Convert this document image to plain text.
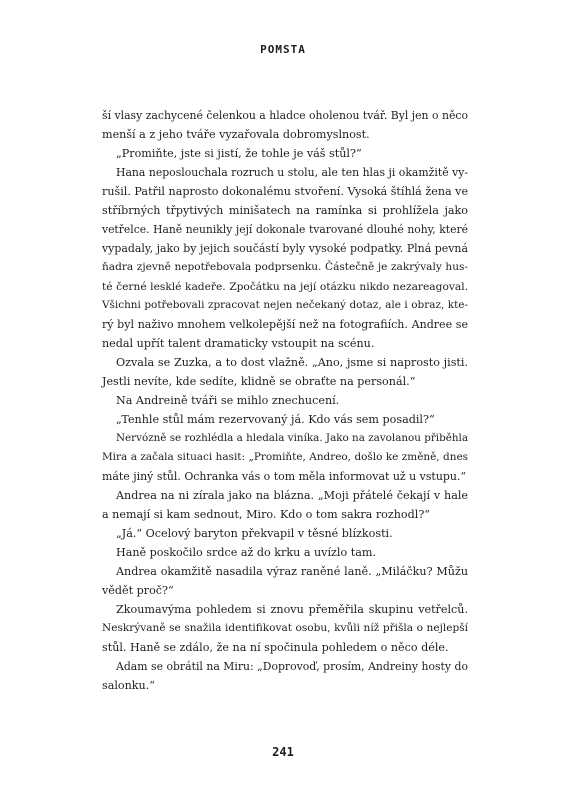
POMSTA
ší vlasy zachycené čelenkou a hladce oholenou tvář. Byl jen o něco
menší a z jeho tváře vyzařovala dobromyslnost.
„Promiňte, jste si jistí, že tohle je váš stůl?“
Hana neposlouchala rozruch u stolu, ale ten hlas ji okamžitě vy-
rušil. Patřil naprosto dokonalému stvoření. Vysoká štíhlá žena ve
stříbrných třpytivých minišatech na ramínka si prohlížela jako
vetřelce. Haně neunikly její dokonale tvarované dlouhé nohy, které
vypadaly, jako by jejich součástí byly vysoké podpatky. Plná pevná
ňadra zjevně nepotřebovala podprsenku. Částečně je zakrývaly hus-
té černé lesklé kadeře. Zpočátku na její otázku nikdo nezareagoval.
Všichni potřebovali zpracovat nejen nečekaný dotaz, ale i obraz, kte-
rý byl naživo mnohem velkolepější než na fotografiích. Andree se
nedal upřít talent dramaticky vstoupit na scénu.
Ozvala se Zuzka, a to dost vlažně. „Ano, jsme si naprosto jisti.
Jestli nevíte, kde sedíte, klidně se obraťte na personál.“
Na Andreině tváři se mihlo znechucení.
„Tenhle stůl mám rezervovaný já. Kdo vás sem posadil?“
Nervózně se rozhlédla a hledala viníka. Jako na zavolanou přiběhla
Mira a začala situaci hasit: „Promiňte, Andreo, došlo ke změně, dnes
máte jiný stůl. Ochranka vás o tom měla informovat už u vstupu.“
Andrea na ni zírala jako na blázna. „Moji přátelé čekají v hale
a nemají si kam sednout, Miro. Kdo o tom sakra rozhodl?“
„Já.“ Ocelový baryton překvapil v těsné blízkosti.
Haně poskočilo srdce až do krku a uvízlo tam.
Andrea okamžitě nasadila výraz raněné laně. „Miláčku? Můžu
vědět proč?“
Zkoumavýma pohledem si znovu přeměřila skupinu vetřelců.
Neskrývaně se snažila identifikovat osobu, kvůli níž přišla o nejlepší
stůl. Haně se zdálo, že na ní spočinula pohledem o něco déle.
Adam se obrátil na Miru: „Doprovoď, prosím, Andreiny hosty do
salonku.“
241
